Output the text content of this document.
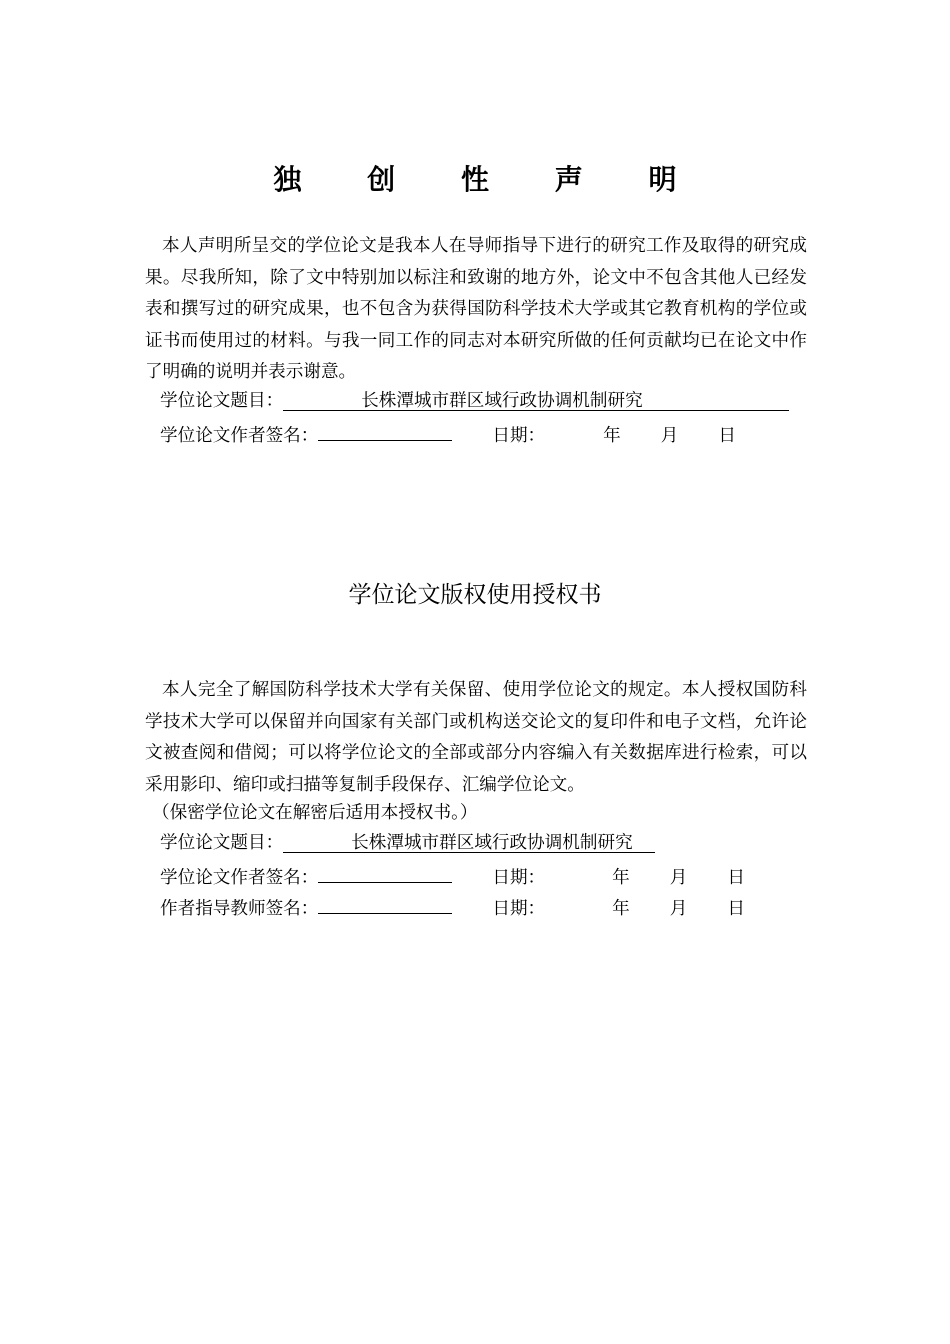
独 创 性 声 明
本人声明所呈交的学位论文是我本人在导师指导下进行的研究工作及取得的研究成果。尽我所知，除了文中特别加以标注和致谢的地方外，论文中不包含其他人已经发表和撰写过的研究成果，也不包含为获得国防科学技术大学或其它教育机构的学位或证书而使用过的材料。与我一同工作的同志对本研究所做的任何贡献均已在论文中作了明确的说明并表示谢意。
学位论文题目：	长株潭城市群区域行政协调机制研究
学位论文作者签名：	日期：	年 月 日
学位论文版权使用授权书
本人完全了解国防科学技术大学有关保留、使用学位论文的规定。本人授权国防科学技术大学可以保留并向国家有关部门或机构送交论文的复印件和电子文档，允许论文被查阅和借阅；可以将学位论文的全部或部分内容编入有关数据库进行检索，可以采用影印、缩印或扫描等复制手段保存、汇编学位论文。
（保密学位论文在解密后适用本授权书。）
学位论文题目：	长株潭城市群区域行政协调机制研究
学位论文作者签名：	日期：	年 月 日
作者指导教师签名：	日期：	年 月 日
